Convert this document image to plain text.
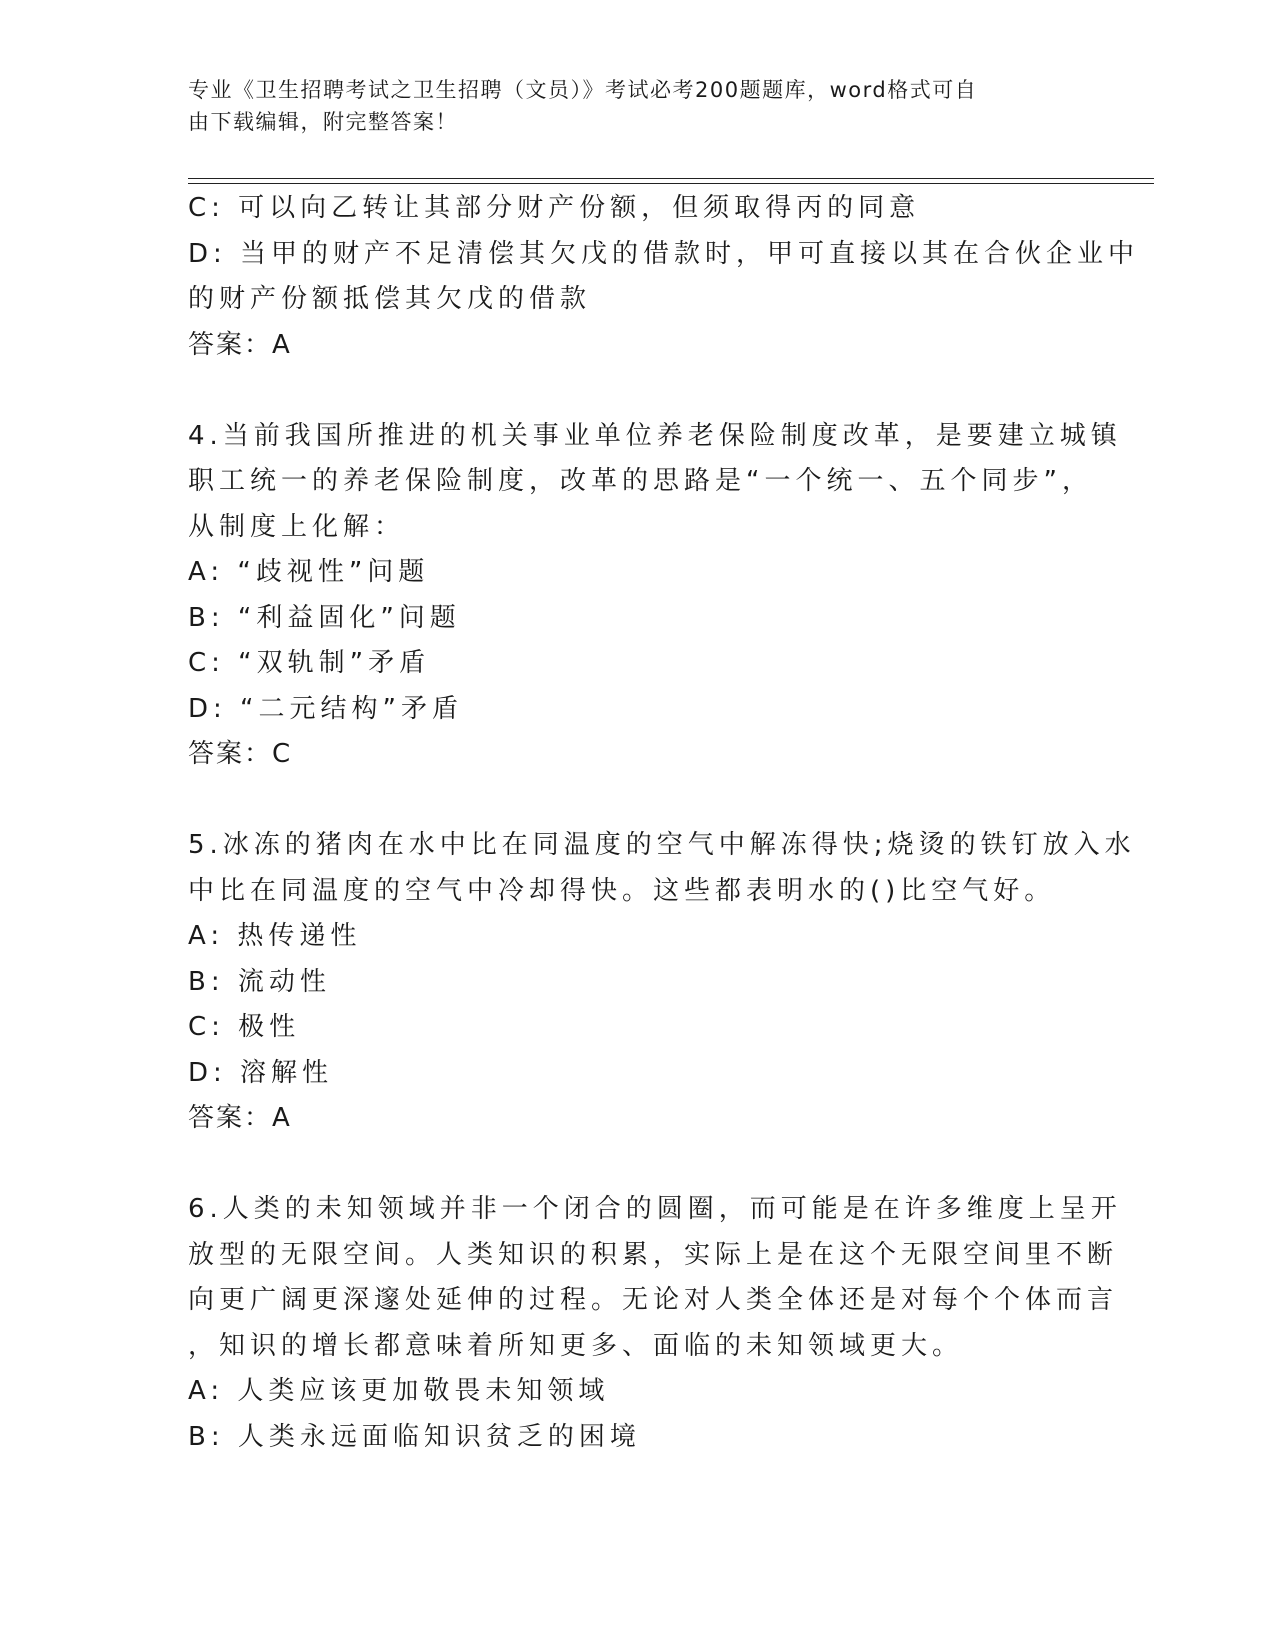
专业《卫生招聘考试之卫生招聘（文员）》考试必考200题题库，word格式可自
由下载编辑，附完整答案！
C: 可以向乙转让其部分财产份额，但须取得丙的同意
D: 当甲的财产不足清偿其欠戊的借款时，甲可直接以其在合伙企业中
的财产份额抵偿其欠戊的借款
答案：A
4.当前我国所推进的机关事业单位养老保险制度改革，是要建立城镇
职工统一的养老保险制度，改革的思路是“一个统一、五个同步”，
从制度上化解：
A: “歧视性”问题
B: “利益固化”问题
C: “双轨制”矛盾
D: “二元结构”矛盾
答案：C
5.冰冻的猪肉在水中比在同温度的空气中解冻得快;烧烫的铁钉放入水
中比在同温度的空气中冷却得快。这些都表明水的()比空气好。
A: 热传递性
B: 流动性
C: 极性
D: 溶解性
答案：A
6.人类的未知领域并非一个闭合的圆圈，而可能是在许多维度上呈开
放型的无限空间。人类知识的积累，实际上是在这个无限空间里不断
向更广阔更深邃处延伸的过程。无论对人类全体还是对每个个体而言
，知识的增长都意味着所知更多、面临的未知领域更大。
A: 人类应该更加敬畏未知领域
B: 人类永远面临知识贫乏的困境
